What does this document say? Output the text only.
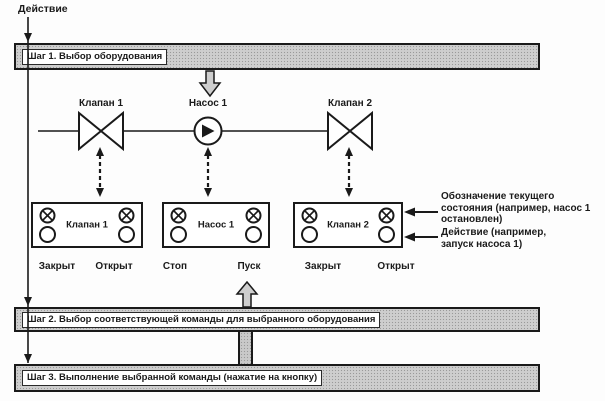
Действие
Шаг 1. Выбор оборудования
Клапан 1	Насос 1	Клапан 2
Клапан 1	Насос 1	Клапан 2
Закрыт	Открыт	Стоп	Пуск	Закрыт	Открыт
Обозначение текущего состояния (например, насос 1 остановлен)
Действие (например, запуск насоса 1)
Шаг 2. Выбор соответствующей команды для выбранного оборудования
Шаг 3. Выполнение выбранной команды (нажатие на кнопку)
